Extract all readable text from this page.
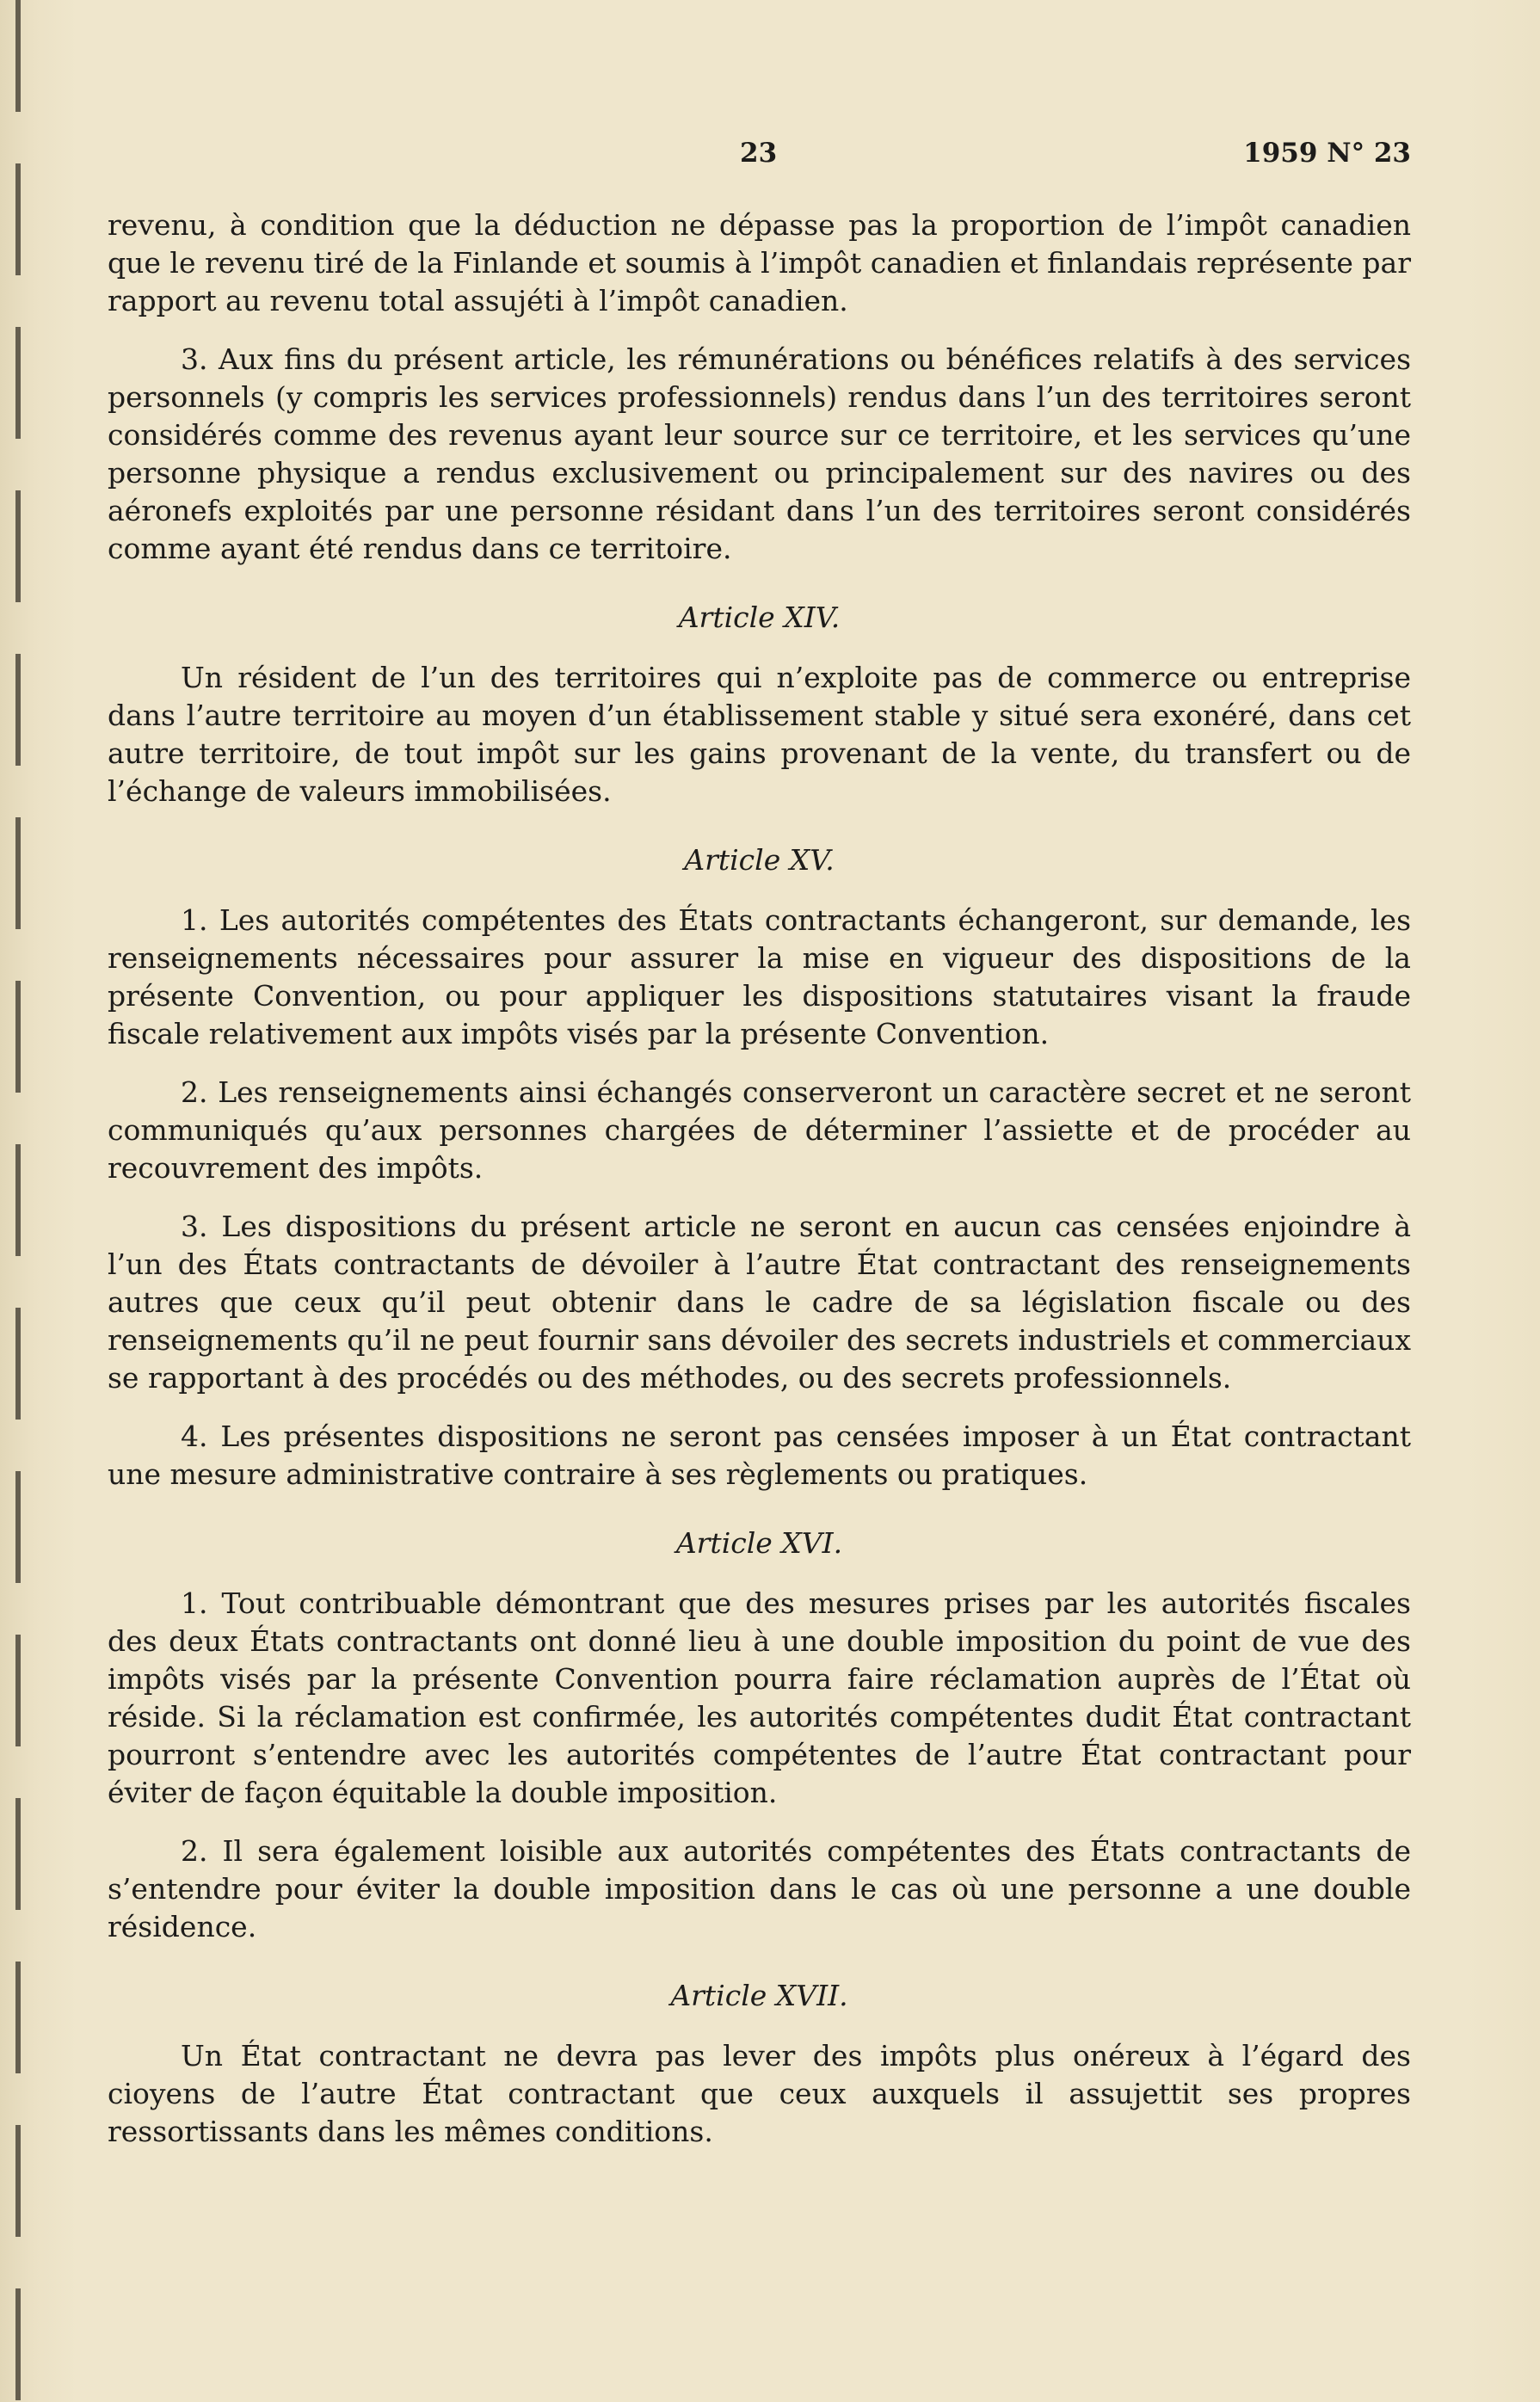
23	1959 N° 23

revenu, à condition que la déduction ne dépasse pas la proportion de l’impôt canadien que le revenu tiré de la Finlande et soumis à l’impôt canadien et finlandais représente par rapport au revenu total assujéti à l’impôt canadien.

3. Aux fins du présent article, les rémunérations ou bénéfices relatifs à des services personnels (y compris les services professionnels) rendus dans l’un des territoires seront considérés comme des revenus ayant leur source sur ce territoire, et les services qu’une personne physique a rendus exclusivement ou principalement sur des navires ou des aéronefs exploités par une personne résidant dans l’un des territoires seront considérés comme ayant été rendus dans ce territoire.

Article XIV.

Un résident de l’un des territoires qui n’exploite pas de commerce ou entreprise dans l’autre territoire au moyen d’un établissement stable y situé sera exonéré, dans cet autre territoire, de tout impôt sur les gains provenant de la vente, du transfert ou de l’échange de valeurs immobilisées.

Article XV.

1. Les autorités compétentes des États contractants échangeront, sur demande, les renseignements nécessaires pour assurer la mise en vigueur des dispositions de la présente Convention, ou pour appliquer les dispositions statutaires visant la fraude fiscale relativement aux impôts visés par la présente Convention.

2. Les renseignements ainsi échangés conserveront un caractère secret et ne seront communiqués qu’aux personnes chargées de déterminer l’assiette et de procéder au recouvrement des impôts.

3. Les dispositions du présent article ne seront en aucun cas censées enjoindre à l’un des États contractants de dévoiler à l’autre État contractant des renseignements autres que ceux qu’il peut obtenir dans le cadre de sa législation fiscale ou des renseignements qu’il ne peut fournir sans dévoiler des secrets industriels et commerciaux se rapportant à des procédés ou des méthodes, ou des secrets professionnels.

4. Les présentes dispositions ne seront pas censées imposer à un État contractant une mesure administrative contraire à ses règlements ou pratiques.

Article XVI.

1. Tout contribuable démontrant que des mesures prises par les autorités fiscales des deux États contractants ont donné lieu à une double imposition du point de vue des impôts visés par la présente Convention pourra faire réclamation auprès de l’État où réside. Si la réclamation est confirmée, les autorités compétentes dudit État contractant pourront s’entendre avec les autorités compétentes de l’autre État contractant pour éviter de façon équitable la double imposition.

2. Il sera également loisible aux autorités compétentes des États contractants de s’entendre pour éviter la double imposition dans le cas où une personne a une double résidence.

Article XVII.

Un État contractant ne devra pas lever des impôts plus onéreux à l’égard des cioyens de l’autre État contractant que ceux auxquels il assujettit ses propres ressortissants dans les mêmes conditions.
